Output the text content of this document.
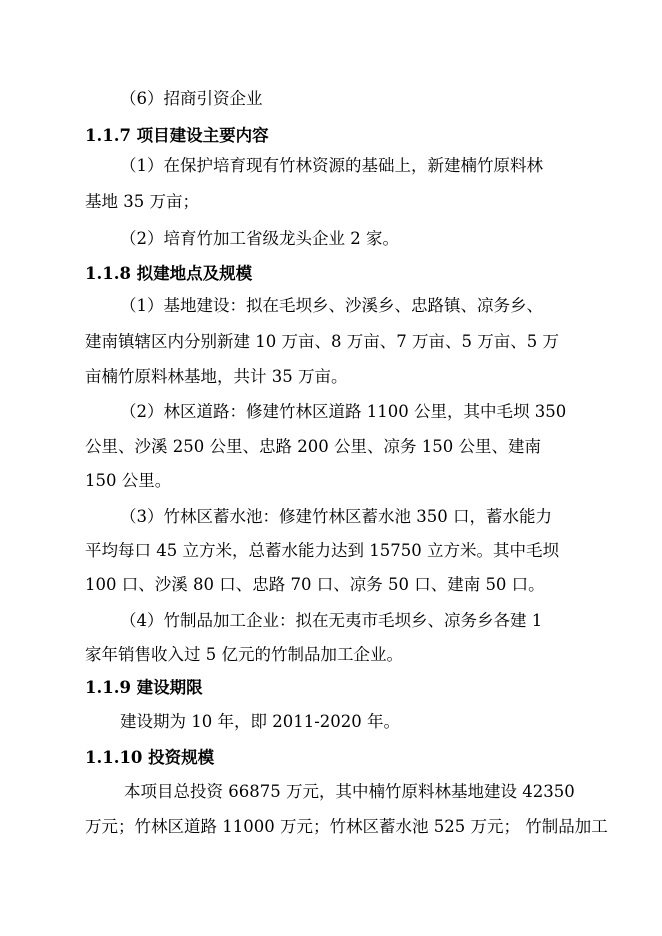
（6）招商引资企业
1.1.7 项目建设主要内容
（1）在保护培育现有竹林资源的基础上，新建楠竹原料林
基地 35 万亩；
（2）培育竹加工省级龙头企业 2 家。
1.1.8 拟建地点及规模
（1）基地建设：拟在毛坝乡、沙溪乡、忠路镇、凉务乡、
建南镇辖区内分别新建 10 万亩、8 万亩、7 万亩、5 万亩、5 万
亩楠竹原料林基地，共计 35 万亩。
（2）林区道路：修建竹林区道路 1100 公里，其中毛坝 350
公里、沙溪 250 公里、忠路 200 公里、凉务 150 公里、建南
150 公里。
（3）竹林区蓄水池：修建竹林区蓄水池 350 口，蓄水能力
平均每口 45 立方米，总蓄水能力达到 15750 立方米。其中毛坝
100 口、沙溪 80 口、忠路 70 口、凉务 50 口、建南 50 口。
（4）竹制品加工企业：拟在无夷市毛坝乡、凉务乡各建 1
家年销售收入过 5 亿元的竹制品加工企业。
1.1.9 建设期限
建设期为 10 年，即 2011-2020 年。
1.1.10 投资规模
本项目总投资 66875 万元，其中楠竹原料林基地建设 42350
万元；竹林区道路 11000 万元；竹林区蓄水池 525 万元； 竹制品加工
